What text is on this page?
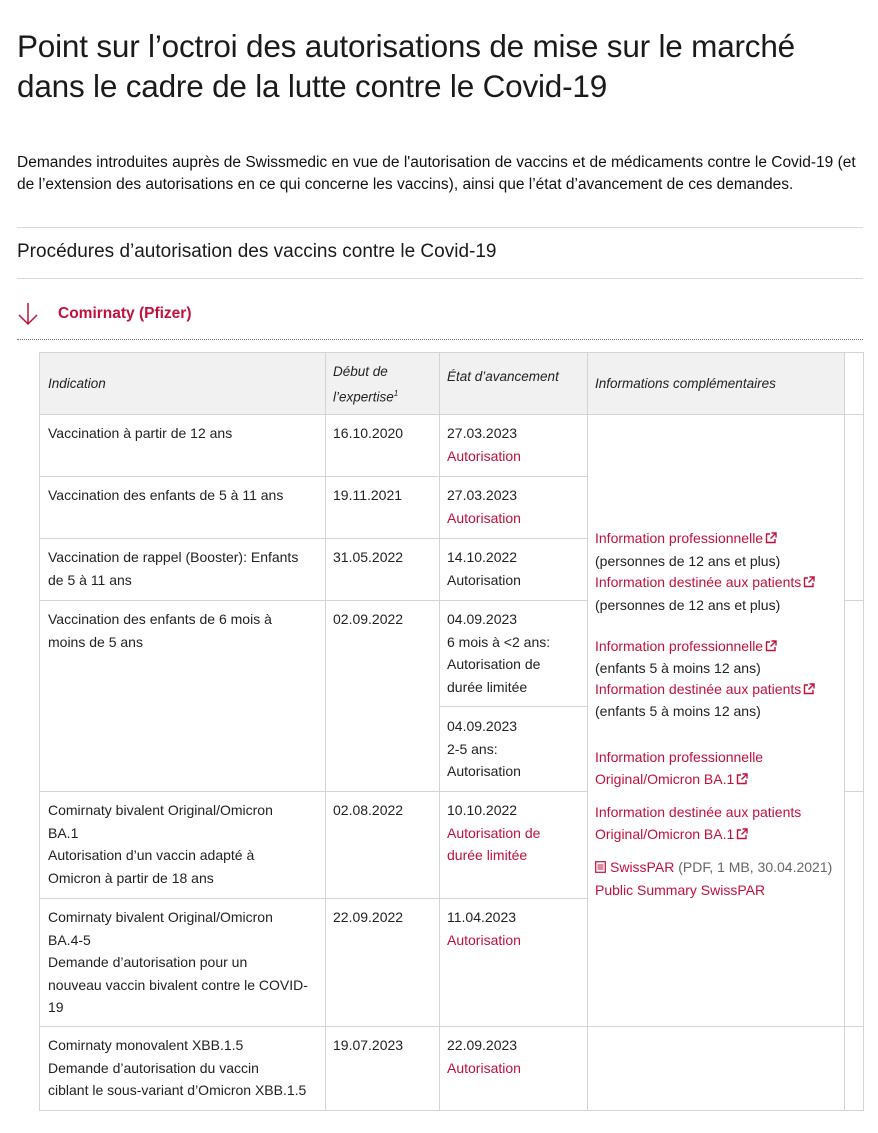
Point sur l’octroi des autorisations de mise sur le marché dans le cadre de la lutte contre le Covid-19

Demandes introduites auprès de Swissmedic en vue de l'autorisation de vaccins et de médicaments contre le Covid-19 (et de l’extension des autorisations en ce qui concerne les vaccins), ainsi que l’état d’avancement de ces demandes.

Procédures d’autorisation des vaccins contre le Covid-19
Comirnaty (Pfizer)
Indication
Début de
l’expertise$^1$
État d’avancement	Informations complémentaires
Vaccination à partir de 12 ans	16.10.2020	27.03.2023
Autorisation
Vaccination des enfants de 5 à 11 ans	19.11.2021	27.03.2023
Autorisation
Vaccination de rappel (Booster): Enfants
de 5 à 11 ans
31.05.2022	14.10.2022
Autorisation
Vaccination des enfants de 6 mois à
moins de 5 ans
02.09.2022	04.09.2023
6 mois à <2 ans:
Autorisation de
durée limitée
04.09.2023
2-5 ans:
Autorisation
Comirnaty bivalent Original/Omicron
BA.1
Autorisation d’un vaccin adapté à
Omicron à partir de 18 ans
02.08.2022	10.10.2022
Autorisation de
durée limitée
Comirnaty bivalent Original/Omicron
BA.4-5
Demande d’autorisation pour un
nouveau vaccin bivalent contre le COVID-
19
22.09.2022	11.04.2023
Autorisation
Comirnaty monovalent XBB.1.5
Demande d’autorisation du vaccin
ciblant le sous-variant d’Omicron XBB.1.5
19.07.2023	22.09.2023
Autorisation
Information professionnelle
(personnes de 12 ans et plus)
Information destinée aux patients
(personnes de 12 ans et plus)
Information professionnelle
(enfants 5 à moins 12 ans)
Information destinée aux patients
(enfants 5 à moins 12 ans)
Information professionnelle
Original/Omicron BA.1
Information destinée aux patients
Original/Omicron BA.1
SwissPAR (PDF, 1 MB, 30.04.2021)
Public Summary SwissPAR
